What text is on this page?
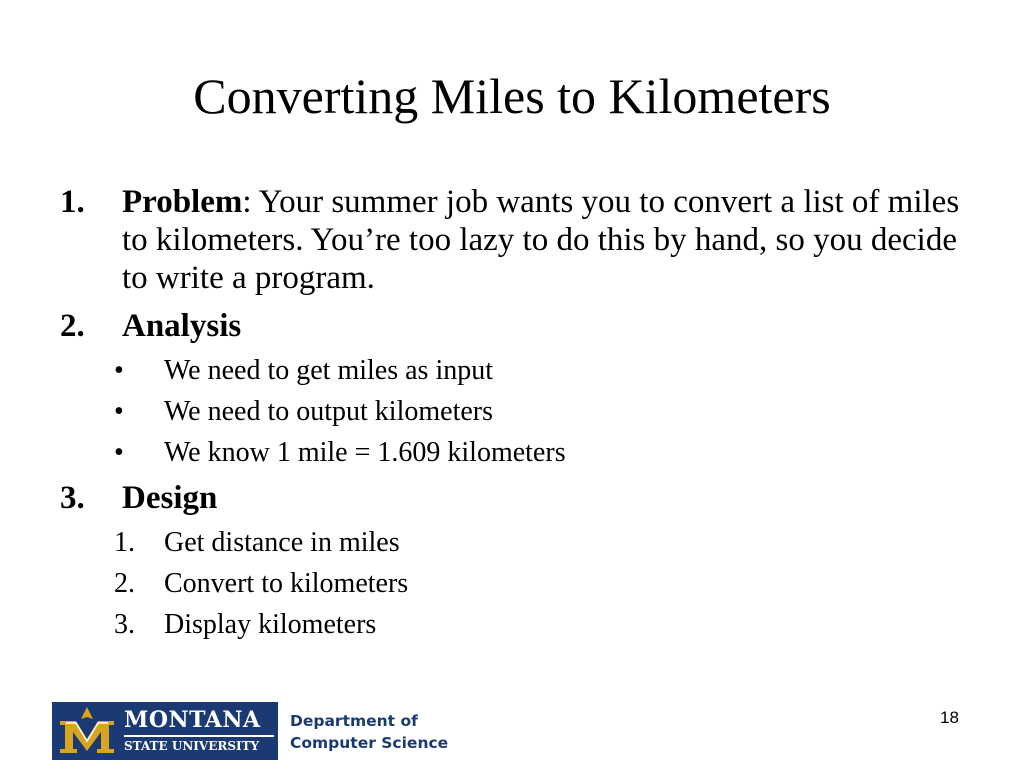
Converting Miles to Kilometers
1. Problem: Your summer job wants you to convert a list of miles to kilometers. You’re too lazy to do this by hand, so you decide to write a program.
2. Analysis
• We need to get miles as input
• We need to output kilometers
• We know 1 mile = 1.609 kilometers
3. Design
1. Get distance in miles
2. Convert to kilometers
3. Display kilometers
MONTANA
STATE UNIVERSITY
Department of
Computer Science
18
